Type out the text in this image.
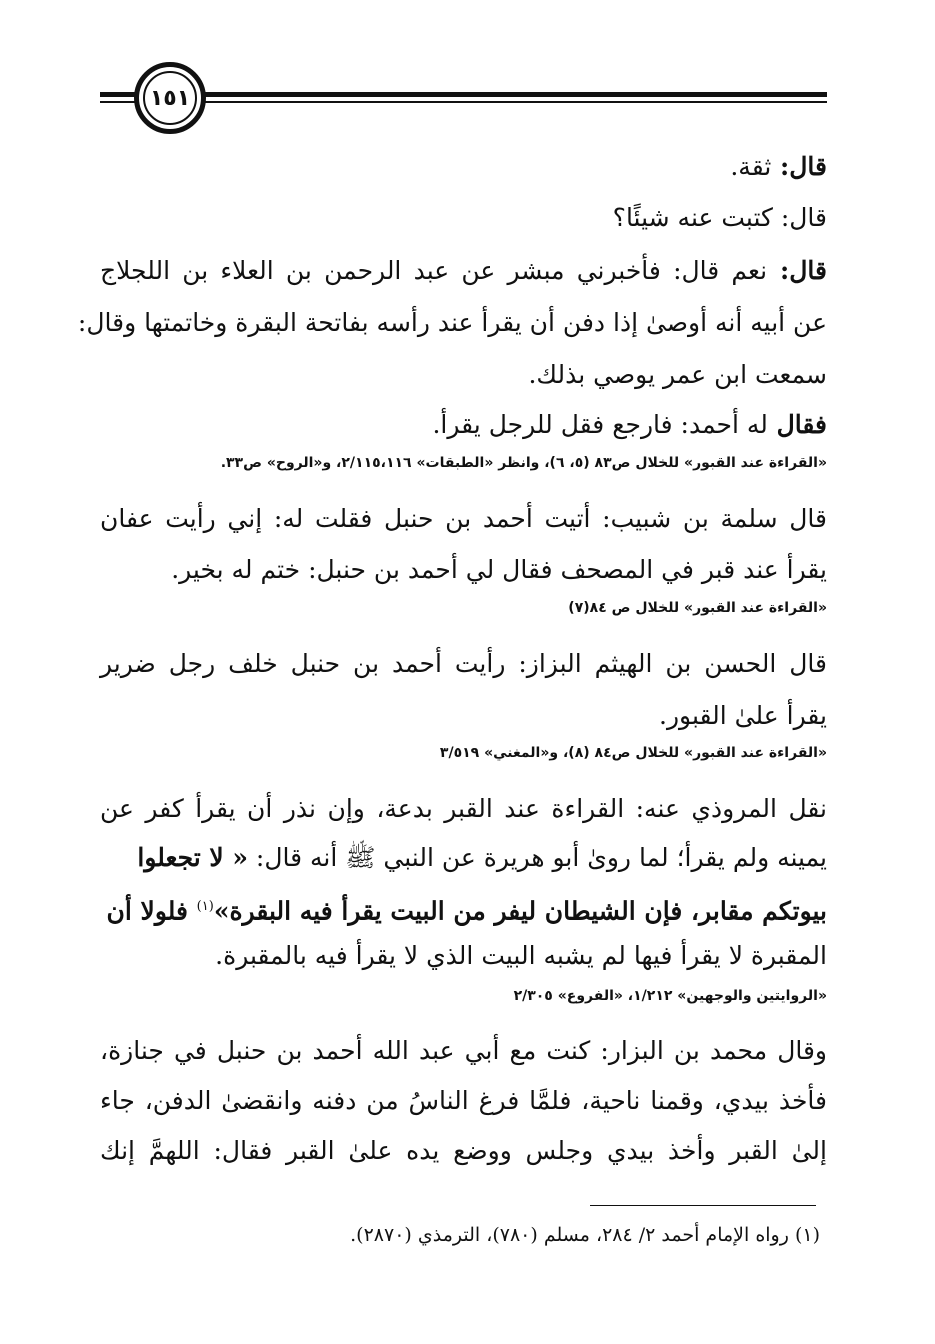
١٥١
قال: ثقة.
قال: كتبت عنه شيئًا؟
قال: نعم قال: فأخبرني مبشر عن عبد الرحمن بن العلاء بن اللجلاج
عن أبيه أنه أوصىٰ إذا دفن أن يقرأ عند رأسه بفاتحة البقرة وخاتمتها وقال:
سمعت ابن عمر يوصي بذلك.
فقال له أحمد: فارجع فقل للرجل يقرأ.
«القراءة عند القبور» للخلال ص٨٣ (٥، ٦)، وانظر «الطبقات» ٢/١١٥،١١٦، و«الروح» ص٣٣.
قال سلمة بن شبيب: أتيت أحمد بن حنبل فقلت له: إني رأيت عفان
يقرأ عند قبر في المصحف فقال لي أحمد بن حنبل: ختم له بخير.
«القراءة عند القبور» للخلال ص ٨٤(٧)
قال الحسن بن الهيثم البزاز: رأيت أحمد بن حنبل خلف رجل ضرير
يقرأ علىٰ القبور.
«القراءة عند القبور» للخلال ص٨٤ (٨)، و«المغني» ٣/٥١٩
نقل المروذي عنه: القراءة عند القبر بدعة، وإن نذر أن يقرأ كفر عن
يمينه ولم يقرأ؛ لما روىٰ أبو هريرة عن النبي ﷺ أنه قال: « لا تجعلوا
بيوتكم مقابر، فإن الشيطان ليفر من البيت يقرأ فيه البقرة»$^{(١)}$ فلولا أن
المقبرة لا يقرأ فيها لم يشبه البيت الذي لا يقرأ فيه بالمقبرة.
«الروايتين والوجهين» ١/٢١٢، «الفروع» ٢/٣٠٥
وقال محمد بن البزار: كنت مع أبي عبد الله أحمد بن حنبل في جنازة،
فأخذ بيدي، وقمنا ناحية، فلمَّا فرغ الناسُ من دفنه وانقضىٰ الدفن، جاء
إلىٰ القبر وأخذ بيدي وجلس ووضع يده علىٰ القبر فقال: اللهمَّ إنك
(١) رواه الإمام أحمد ٢/ ٢٨٤، مسلم (٧٨٠)، الترمذي (٢٨٧٠).
